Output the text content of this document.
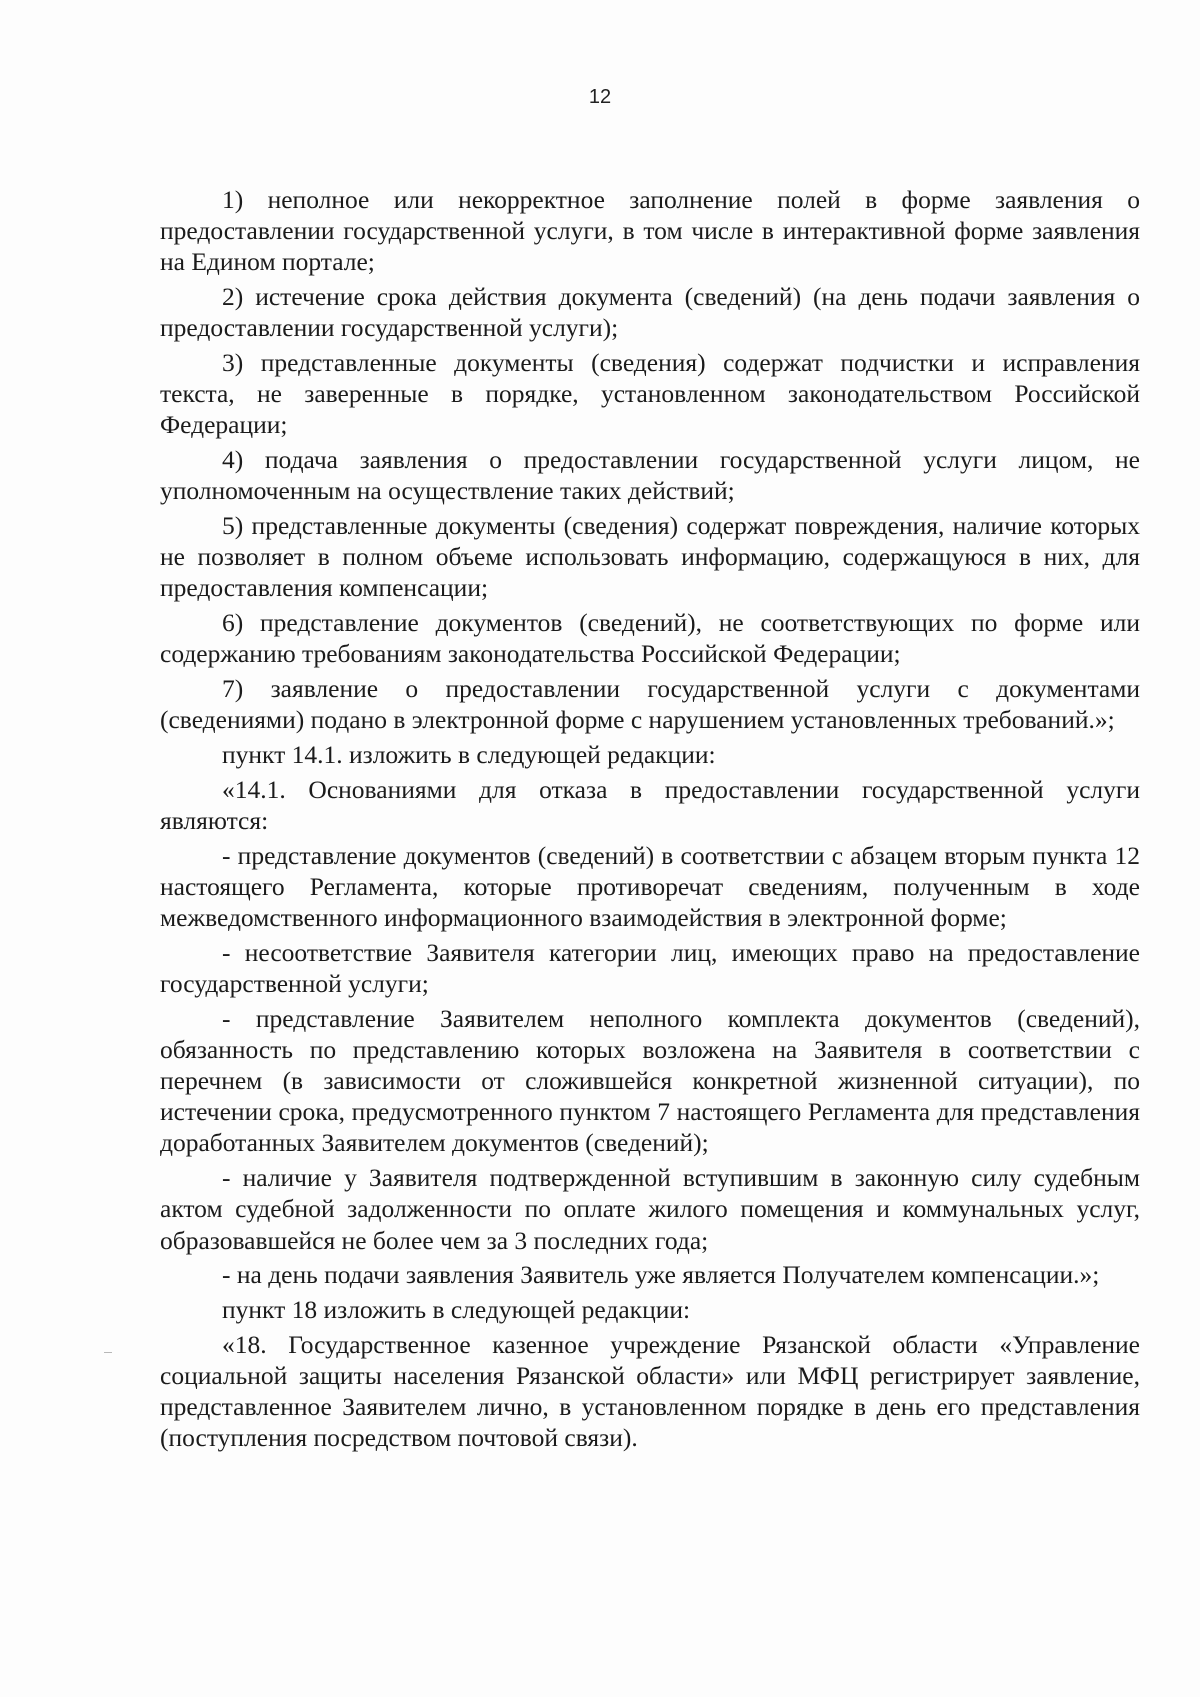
12

1) неполное или некорректное заполнение полей в форме заявления о предоставлении государственной услуги, в том числе в интерактивной форме заявления на Едином портале;

2) истечение срока действия документа (сведений) (на день подачи заявления о предоставлении государственной услуги);

3) представленные документы (сведения) содержат подчистки и исправления текста, не заверенные в порядке, установленном законодательством Российской Федерации;

4) подача заявления о предоставлении государственной услуги лицом, не уполномоченным на осуществление таких действий;

5) представленные документы (сведения) содержат повреждения, наличие которых не позволяет в полном объеме использовать информацию, содержащуюся в них, для предоставления компенсации;

6) представление документов (сведений), не соответствующих по форме или содержанию требованиям законодательства Российской Федерации;

7) заявление о предоставлении государственной услуги с документами (сведениями) подано в электронной форме с нарушением установленных требований.»;

пункт 14.1. изложить в следующей редакции:

«14.1. Основаниями для отказа в предоставлении государственной услуги являются:

- представление документов (сведений) в соответствии с абзацем вторым пункта 12 настоящего Регламента, которые противоречат сведениям, полученным в ходе межведомственного информационного взаимодействия в электронной форме;

- несоответствие Заявителя категории лиц, имеющих право на предоставление государственной услуги;

- представление Заявителем неполного комплекта документов (сведений), обязанность по представлению которых возложена на Заявителя в соответствии с перечнем (в зависимости от сложившейся конкретной жизненной ситуации), по истечении срока, предусмотренного пунктом 7 настоящего Регламента для представления доработанных Заявителем документов (сведений);

- наличие у Заявителя подтвержденной вступившим в законную силу судебным актом судебной задолженности по оплате жилого помещения и коммунальных услуг, образовавшейся не более чем за 3 последних года;

- на день подачи заявления Заявитель уже является Получателем компенсации.»;

пункт 18 изложить в следующей редакции:

«18. Государственное казенное учреждение Рязанской области «Управление социальной защиты населения Рязанской области» или МФЦ регистрирует заявление, представленное Заявителем лично, в установленном порядке в день его представления (поступления посредством почтовой связи).
